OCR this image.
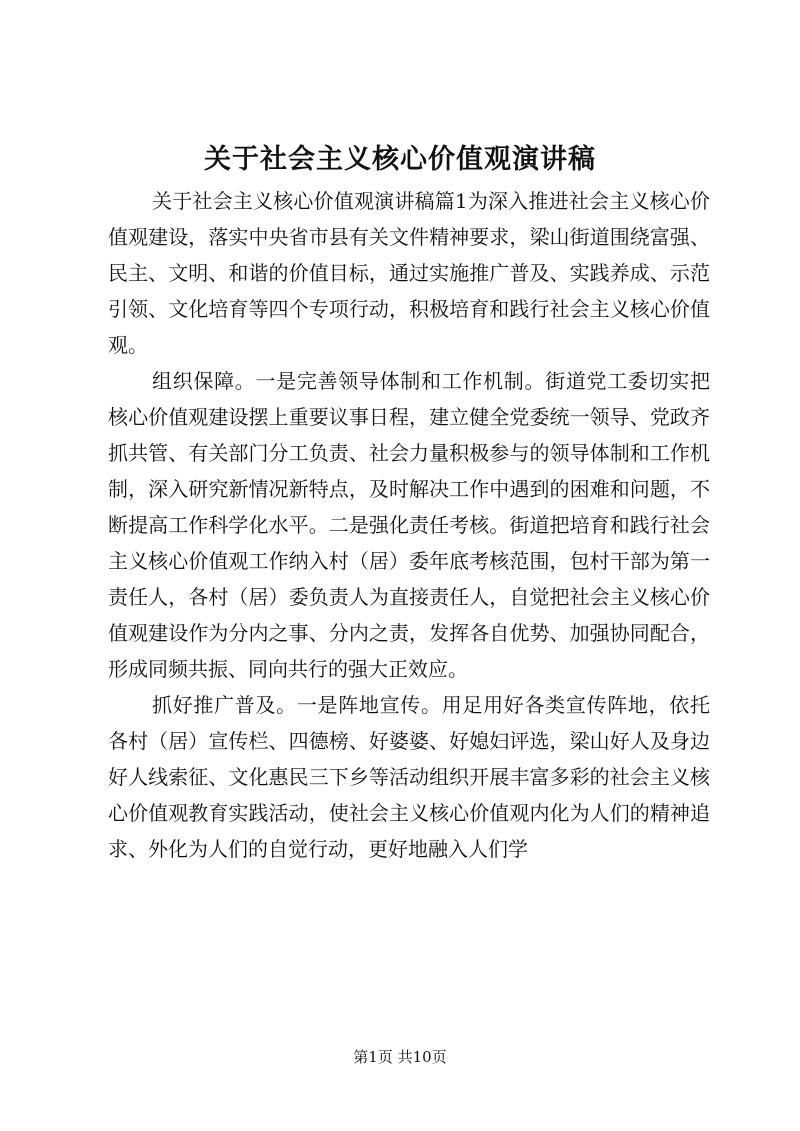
关于社会主义核心价值观演讲稿

关于社会主义核心价值观演讲稿篇1为深入推进社会主义核心价值观建设，落实中央省市县有关文件精神要求，梁山街道围绕富强、民主、文明、和谐的价值目标，通过实施推广普及、实践养成、示范引领、文化培育等四个专项行动，积极培育和践行社会主义核心价值观。

组织保障。一是完善领导体制和工作机制。街道党工委切实把核心价值观建设摆上重要议事日程，建立健全党委统一领导、党政齐抓共管、有关部门分工负责、社会力量积极参与的领导体制和工作机制，深入研究新情况新特点，及时解决工作中遇到的困难和问题，不断提高工作科学化水平。二是强化责任考核。街道把培育和践行社会主义核心价值观工作纳入村（居）委年底考核范围，包村干部为第一责任人，各村（居）委负责人为直接责任人，自觉把社会主义核心价值观建设作为分内之事、分内之责，发挥各自优势、加强协同配合，形成同频共振、同向共行的强大正效应。

抓好推广普及。一是阵地宣传。用足用好各类宣传阵地，依托各村（居）宣传栏、四德榜、好婆婆、好媳妇评选，梁山好人及身边好人线索征、文化惠民三下乡等活动组织开展丰富多彩的社会主义核心价值观教育实践活动，使社会主义核心价值观内化为人们的精神追求、外化为人们的自觉行动，更好地融入人们学

第1页 共10页
